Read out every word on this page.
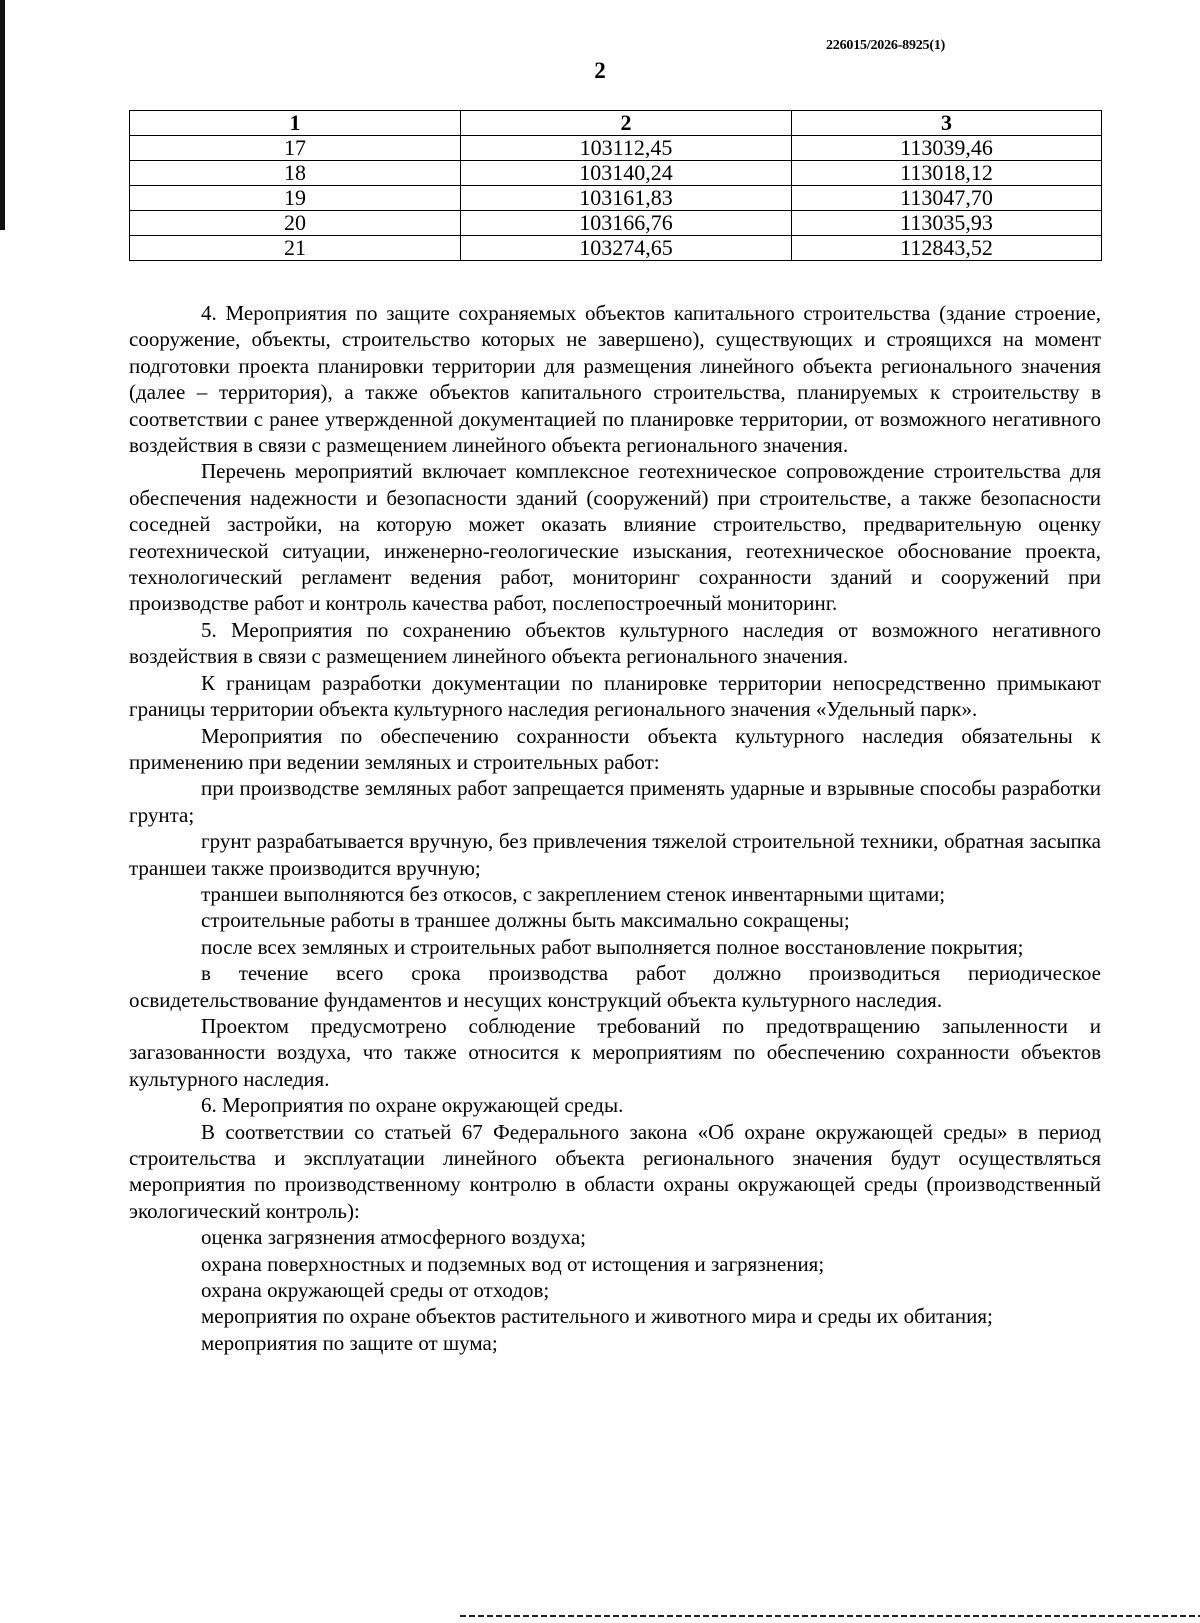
226015/2026-8925(1)
2
1	2	3
17	103112,45	113039,46
18	103140,24	113018,12
19	103161,83	113047,70
20	103166,76	113035,93
21	103274,65	112843,52

4. Мероприятия по защите сохраняемых объектов капитального строительства (здание строение, сооружение, объекты, строительство которых не завершено), существующих и строящихся на момент подготовки проекта планировки территории для размещения линейного объекта регионального значения (далее – территория), а также объектов капитального строительства, планируемых к строительству в соответствии с ранее утвержденной документацией по планировке территории, от возможного негативного воздействия в связи с размещением линейного объекта регионального значения.

Перечень мероприятий включает комплексное геотехническое сопровождение строительства для обеспечения надежности и безопасности зданий (сооружений) при строительстве, а также безопасности соседней застройки, на которую может оказать влияние строительство, предварительную оценку геотехнической ситуации, инженерно-геологические изыскания, геотехническое обоснование проекта, технологический регламент ведения работ, мониторинг сохранности зданий и сооружений при производстве работ и контроль качества работ, послепостроечный мониторинг.

5. Мероприятия по сохранению объектов культурного наследия от возможного негативного воздействия в связи с размещением линейного объекта регионального значения.

К границам разработки документации по планировке территории непосредственно примыкают границы территории объекта культурного наследия регионального значения «Удельный парк».

Мероприятия по обеспечению сохранности объекта культурного наследия обязательны к применению при ведении земляных и строительных работ:

при производстве земляных работ запрещается применять ударные и взрывные способы разработки грунта;

грунт разрабатывается вручную, без привлечения тяжелой строительной техники, обратная засыпка траншеи также производится вручную;

траншеи выполняются без откосов, с закреплением стенок инвентарными щитами;

строительные работы в траншее должны быть максимально сокращены;

после всех земляных и строительных работ выполняется полное восстановление покрытия;

в течение всего срока производства работ должно производиться периодическое освидетельствование фундаментов и несущих конструкций объекта культурного наследия.

Проектом предусмотрено соблюдение требований по предотвращению запыленности и загазованности воздуха, что также относится к мероприятиям по обеспечению сохранности объектов культурного наследия.

6. Мероприятия по охране окружающей среды.

В соответствии со статьей 67 Федерального закона «Об охране окружающей среды» в период строительства и эксплуатации линейного объекта регионального значения будут осуществляться мероприятия по производственному контролю в области охраны окружающей среды (производственный экологический контроль):

оценка загрязнения атмосферного воздуха;

охрана поверхностных и подземных вод от истощения и загрязнения;

охрана окружающей среды от отходов;

мероприятия по охране объектов растительного и животного мира и среды их обитания;

мероприятия по защите от шума;
